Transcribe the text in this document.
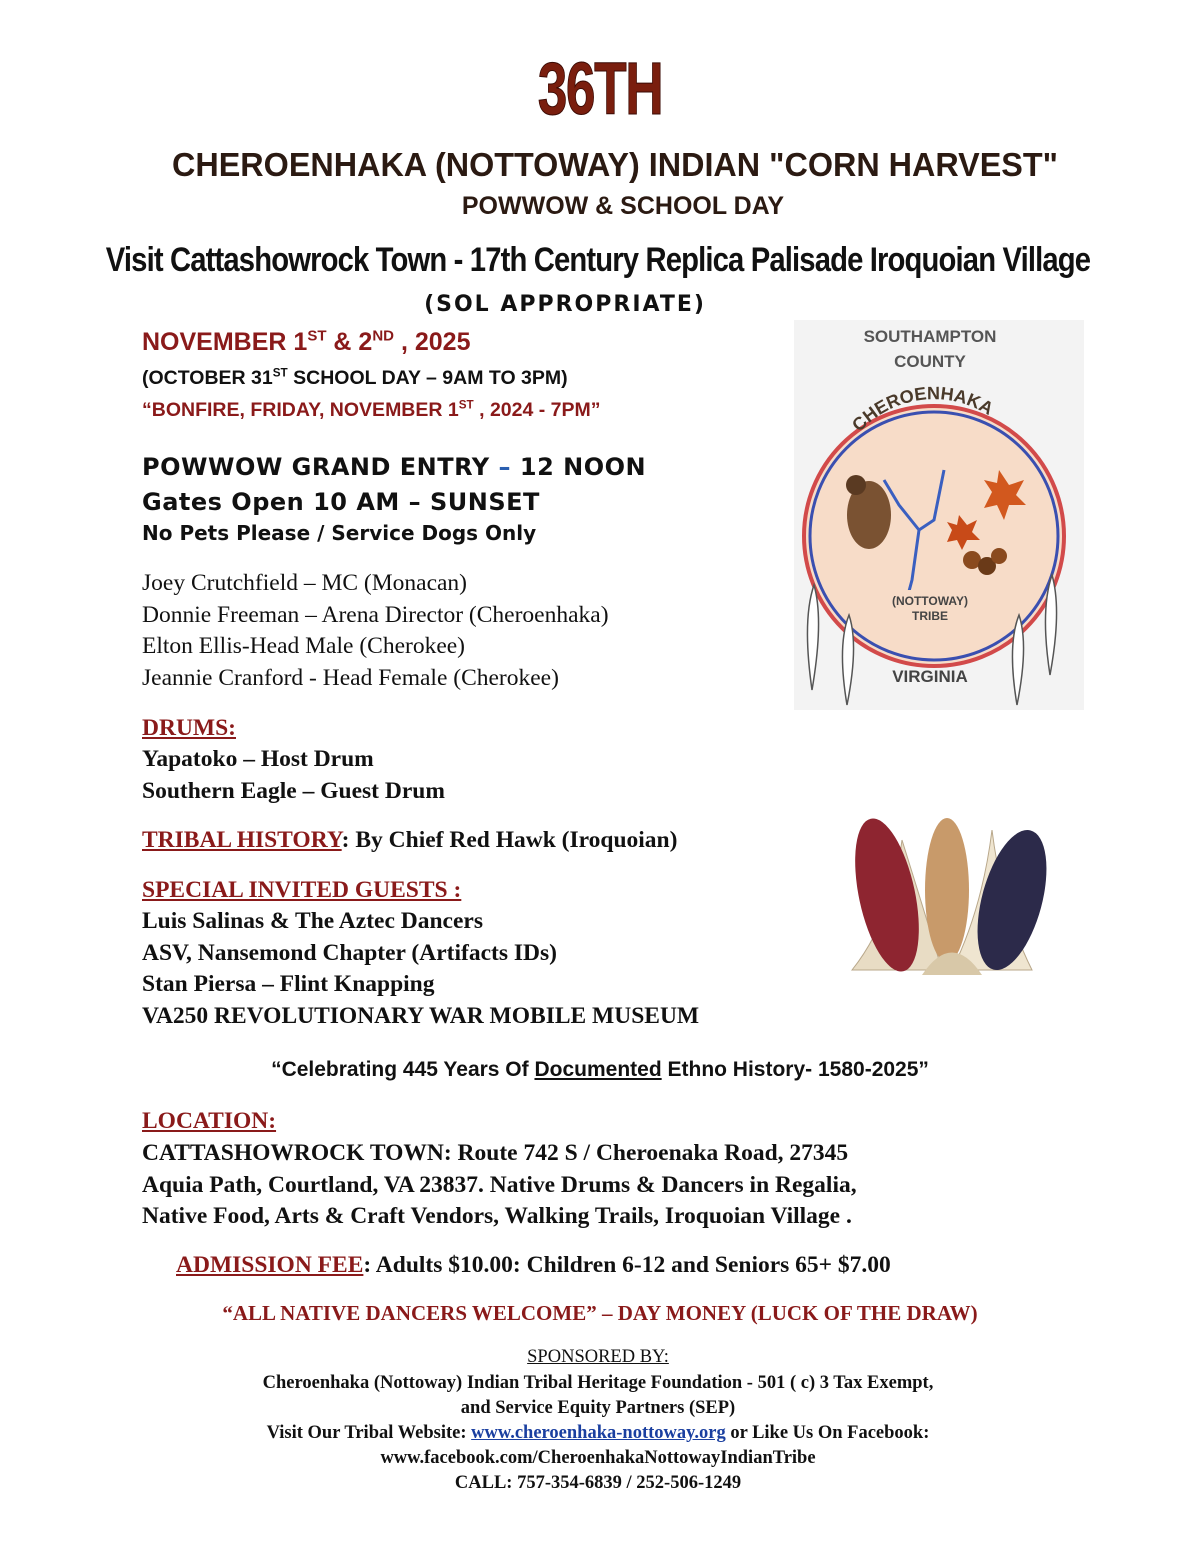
36TH
CHEROENHAKA (NOTTOWAY) INDIAN "CORN HARVEST"
POWWOW & SCHOOL DAY
Visit Cattashowrock Town - 17th Century Replica Palisade Iroquoian Village
(SOL APPROPRIATE)
NOVEMBER 1ST & 2ND , 2025
(OCTOBER 31ST SCHOOL DAY – 9AM TO 3PM)
“BONFIRE, FRIDAY, NOVEMBER 1ST , 2024 - 7PM”
POWWOW GRAND ENTRY – 12 NOON
Gates Open 10 AM – SUNSET
No Pets Please / Service Dogs Only
Joey Crutchfield – MC (Monacan)
Donnie Freeman – Arena Director (Cheroenhaka)
Elton Ellis-Head Male (Cherokee)
Jeannie Cranford - Head Female (Cherokee)
DRUMS:
Yapatoko – Host Drum
Southern Eagle – Guest Drum
TRIBAL HISTORY: By Chief Red Hawk (Iroquoian)
SPECIAL INVITED GUESTS :
Luis Salinas & The Aztec Dancers
ASV, Nansemond Chapter (Artifacts IDs)
Stan Piersa – Flint Knapping
VA250 REVOLUTIONARY WAR MOBILE MUSEUM
“Celebrating 445 Years Of Documented Ethno History- 1580-2025”
LOCATION:
CATTASHOWROCK TOWN: Route 742 S / Cheroenaka Road, 27345
Aquia Path, Courtland, VA 23837. Native Drums & Dancers in Regalia,
Native Food, Arts & Craft Vendors, Walking Trails, Iroquoian Village .
ADMISSION FEE: Adults $10.00: Children 6-12 and Seniors 65+ $7.00
“ALL NATIVE DANCERS WELCOME” – DAY MONEY (LUCK OF THE DRAW)
SPONSORED BY:
Cheroenhaka (Nottoway) Indian Tribal Heritage Foundation - 501 ( c) 3 Tax Exempt,
and Service Equity Partners (SEP)
Visit Our Tribal Website: www.cheroenhaka-nottoway.org or Like Us On Facebook:
www.facebook.com/CheroenhakaNottowayIndianTribe
CALL: 757-354-6839 / 252-506-1249
SOUTHAMPTON
COUNTY
CHEROENHAKA
(NOTTOWAY)
TRIBE
VIRGINIA
